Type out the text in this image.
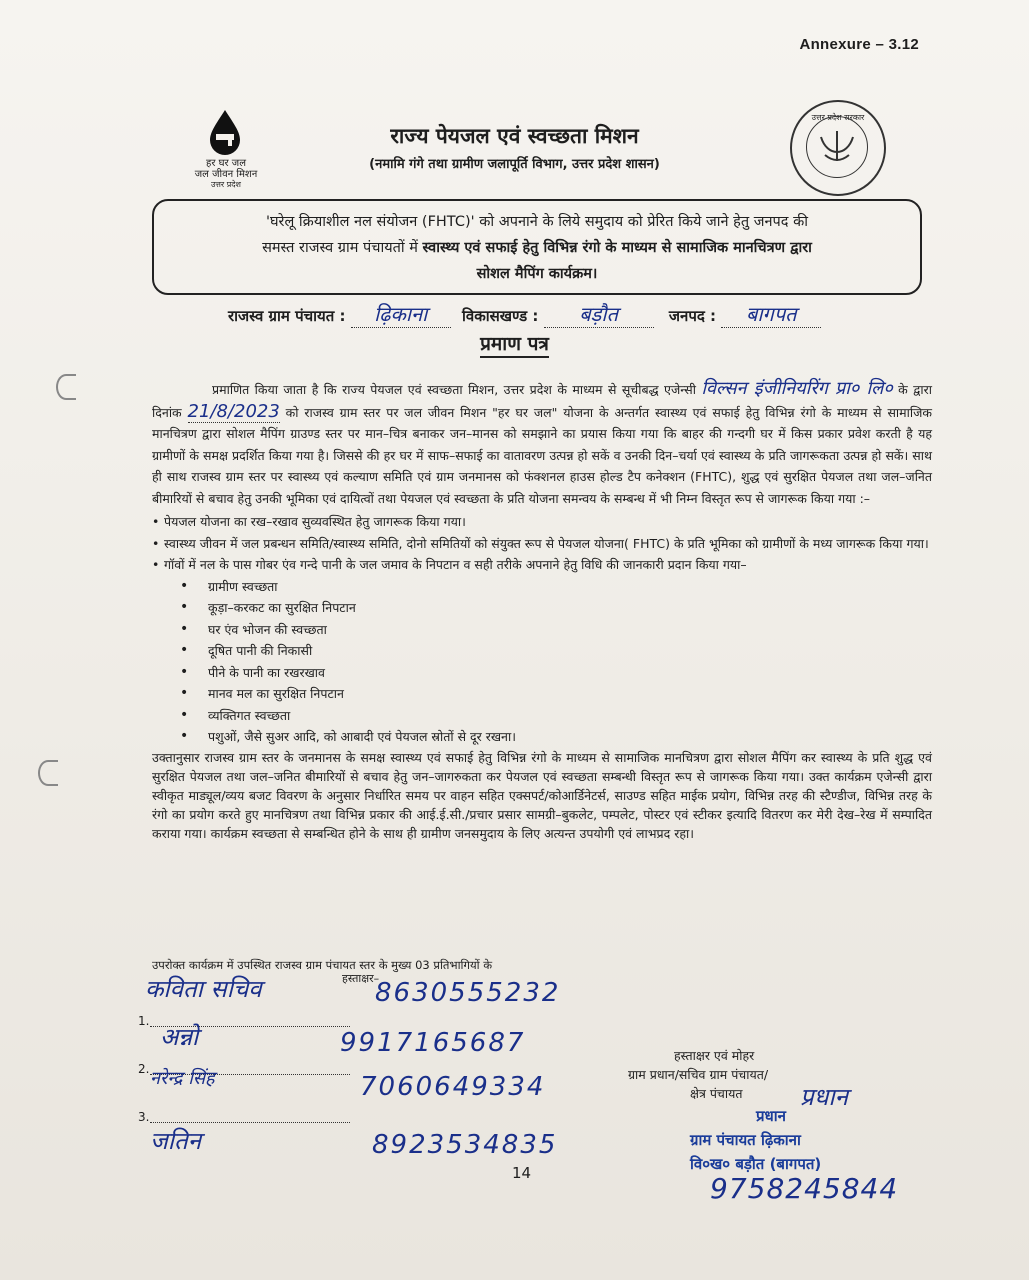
Annexure – 3.12
हर घर जल
जल जीवन मिशन
उत्तर प्रदेश
राज्य पेयजल एवं स्वच्छता मिशन
(नमामि गंगे तथा ग्रामीण जलापूर्ति विभाग, उत्तर प्रदेश शासन)
उत्तर प्रदेश सरकार
'घरेलू क्रियाशील नल संयोजन (FHTC)' को अपनाने के लिये समुदाय को प्रेरित किये जाने हेतु जनपद की
समस्त राजस्व ग्राम पंचायतों में स्वास्थ्य एवं सफाई हेतु विभिन्न रंगो के माध्यम से सामाजिक मानचित्रण द्वारा
सोशल मैपिंग कार्यक्रम।
राजस्व ग्राम पंचायत : ढ़िकाना विकासखण्ड : बड़ौत	जनपद : बागपत
प्रमाण पत्र

प्रमाणित किया जाता है कि राज्य पेयजल एवं स्वच्छता मिशन, उत्तर प्रदेश के माध्यम से सूचीबद्ध एजेन्सी विल्सन इंजीनियरिंग प्रा० लि० के द्वारा दिनांक 21/8/2023 को राजस्व ग्राम स्तर पर जल जीवन मिशन "हर घर जल" योजना के अन्तर्गत स्वास्थ्य एवं सफाई हेतु विभिन्न रंगो के माध्यम से सामाजिक मानचित्रण द्वारा सोशल मैपिंग ग्राउण्ड स्तर पर मान–चित्र बनाकर जन–मानस को समझाने का प्रयास किया गया कि बाहर की गन्दगी घर में किस प्रकार प्रवेश करती है यह ग्रामीणों के समक्ष प्रदर्शित किया गया है। जिससे की हर घर में साफ–सफाई का वातावरण उत्पन्न हो सकें व उनकी दिन–चर्या एवं स्वास्थ्य के प्रति जागरूकता उत्पन्न हो सकें। साथ ही साथ राजस्व ग्राम स्तर पर स्वास्थ्य एवं कल्याण समिति एवं ग्राम जनमानस को फंक्शनल हाउस होल्ड टैप कनेक्शन (FHTC), शुद्ध एवं सुरक्षित पेयजल तथा जल–जनित बीमारियों से बचाव हेतु उनकी भूमिका एवं दायित्वों तथा पेयजल एवं स्वच्छता के प्रति योजना समन्वय के सम्बन्ध में भी निम्न विस्तृत रूप से जागरूक किया गया :–

• पेयजल योजना का रख–रखाव सुव्यवस्थित हेतु जागरूक किया गया।
• स्वास्थ्य जीवन में जल प्रबन्धन समिति/स्वास्थ्य समिति, दोनो समितियों को संयुक्त रूप से पेयजल योजना( FHTC) के प्रति भूमिका को ग्रामीणों के मध्य जागरूक किया गया।
• गॉवों में नल के पास गोबर एंव गन्दे पानी के जल जमाव के निपटान व सही तरीके अपनाने हेतु विधि की जानकारी प्रदान किया गया–
• ग्रामीण स्वच्छता
• कूड़ा–करकट का सुरक्षित निपटान
• घर एंव भोजन की स्वच्छता
• दूषित पानी की निकासी
• पीने के पानी का रखरखाव
• मानव मल का सुरक्षित निपटान
• व्यक्तिगत स्वच्छता
• पशुओं, जैसे सुअर आदि, को आबादी एवं पेयजल स्रोतों से दूर रखना।

उक्तानुसार राजस्व ग्राम स्तर के जनमानस के समक्ष स्वास्थ्य एवं सफाई हेतु विभिन्न रंगो के माध्यम से सामाजिक मानचित्रण द्वारा सोशल मैपिंग कर स्वास्थ्य के प्रति शुद्ध एवं सुरक्षित पेयजल तथा जल–जनित बीमारियों से बचाव हेतु जन–जागरुकता कर पेयजल एवं स्वच्छता सम्बन्धी विस्तृत रूप से जागरूक किया गया। उक्त कार्यक्रम एजेन्सी द्वारा स्वीकृत माड्यूल/व्यय बजट विवरण के अनुसार निर्धारित समय पर वाहन सहित एक्सपर्ट/कोआर्डिनेटर्स, साउण्ड सहित माईक प्रयोग, विभिन्न तरह की स्टैण्डीज, विभिन्न तरह के रंगो का प्रयोग करते हुए मानचित्रण तथा विभिन्न प्रकार की आई.ई.सी./प्रचार प्रसार सामग्री–बुकलेट, पम्पलेट, पोस्टर एवं स्टीकर इत्यादि वितरण कर मेरी देख–रेख में सम्पादित कराया गया। कार्यक्रम स्वच्छता से सम्बन्धित होने के साथ ही ग्रामीण जनसमुदाय के लिए अत्यन्त उपयोगी एवं लाभप्रद रहा।

उपरोक्त कार्यक्रम में उपस्थित राजस्व ग्राम पंचायत स्तर के मुख्य 03 प्रतिभागियों के
हस्ताक्षर–
1.
2.
3.
कविता सचिव	8630555232
अन्नो	9917165687
नरेन्द्र सिंह	7060649334
जतिन	8923534835
हस्ताक्षर एवं मोहर
ग्राम प्रधान/सचिव ग्राम पंचायत/
क्षेत्र पंचायत
प्रधान
ग्राम पंचायत ढ़िकाना
वि०ख० बड़ौत (बागपत)
प्रधान
9758245844
14
